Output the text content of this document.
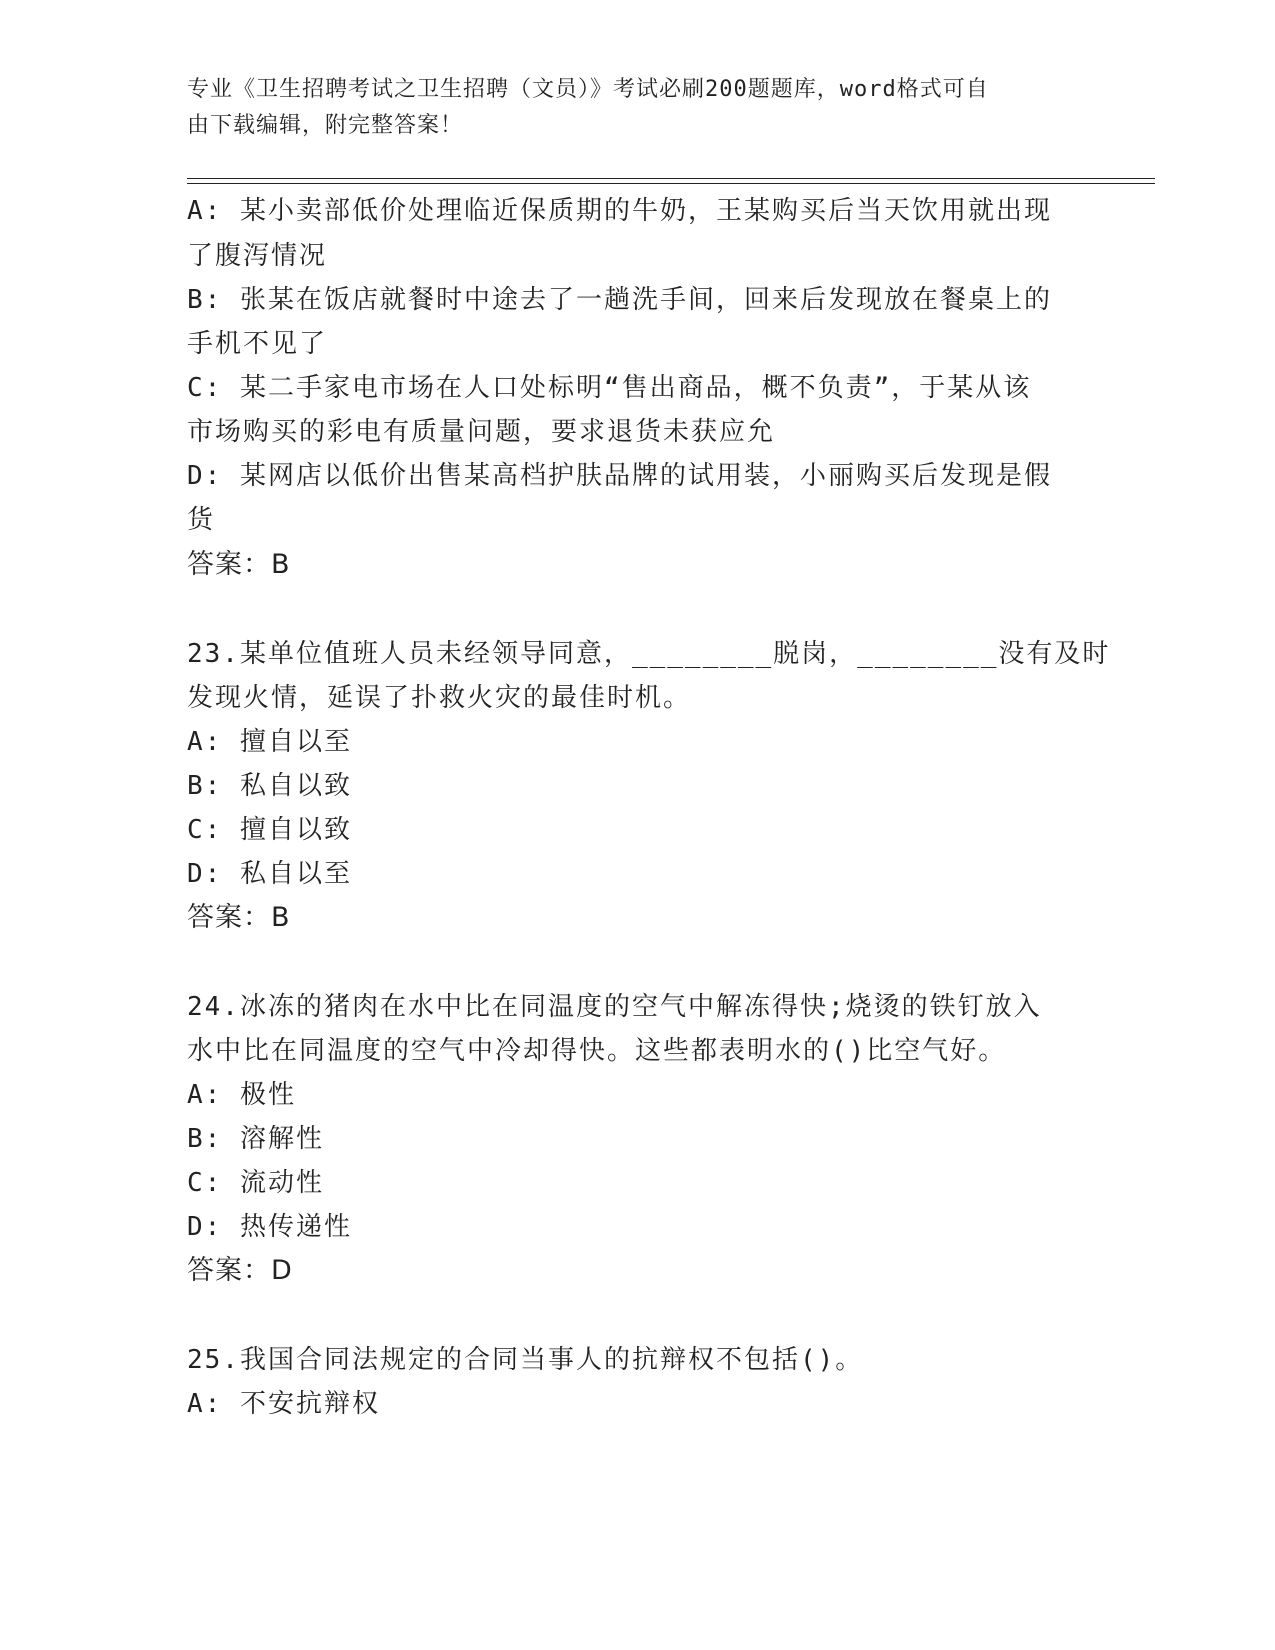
专业《卫生招聘考试之卫生招聘（文员）》考试必刷200题题库，word格式可自
由下载编辑，附完整答案！
A: 某小卖部低价处理临近保质期的牛奶，王某购买后当天饮用就出现
了腹泻情况
B: 张某在饭店就餐时中途去了一趟洗手间，回来后发现放在餐桌上的
手机不见了
C: 某二手家电市场在人口处标明“售出商品，概不负责”，于某从该
市场购买的彩电有质量问题，要求退货未获应允
D: 某网店以低价出售某高档护肤品牌的试用装，小丽购买后发现是假
货
答案：B
23.某单位值班人员未经领导同意，________脱岗，________没有及时
发现火情，延误了扑救火灾的最佳时机。
A: 擅自以至
B: 私自以致
C: 擅自以致
D: 私自以至
答案：B
24.冰冻的猪肉在水中比在同温度的空气中解冻得快;烧烫的铁钉放入
水中比在同温度的空气中冷却得快。这些都表明水的()比空气好。
A: 极性
B: 溶解性
C: 流动性
D: 热传递性
答案：D
25.我国合同法规定的合同当事人的抗辩权不包括()。
A: 不安抗辩权
